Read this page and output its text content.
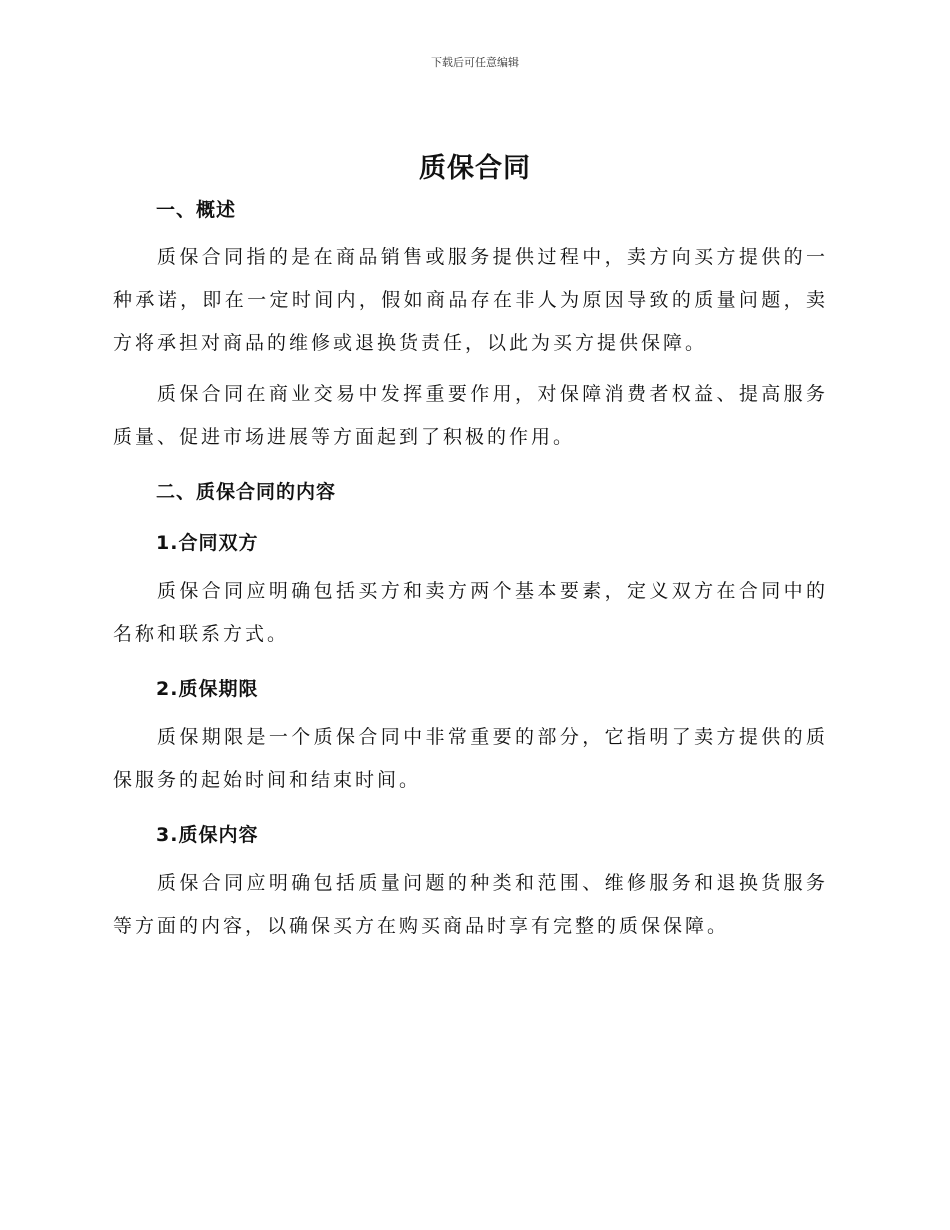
下载后可任意编辑
质保合同
一、概述
质保合同指的是在商品销售或服务提供过程中，卖方向买方提供的一种承诺，即在一定时间内，假如商品存在非人为原因导致的质量问题，卖方将承担对商品的维修或退换货责任，以此为买方提供保障。
质保合同在商业交易中发挥重要作用，对保障消费者权益、提高服务质量、促进市场进展等方面起到了积极的作用。
二、质保合同的内容
1.合同双方
质保合同应明确包括买方和卖方两个基本要素，定义双方在合同中的名称和联系方式。
2.质保期限
质保期限是一个质保合同中非常重要的部分，它指明了卖方提供的质保服务的起始时间和结束时间。
3.质保内容
质保合同应明确包括质量问题的种类和范围、维修服务和退换货服务等方面的内容，以确保买方在购买商品时享有完整的质保保障。
